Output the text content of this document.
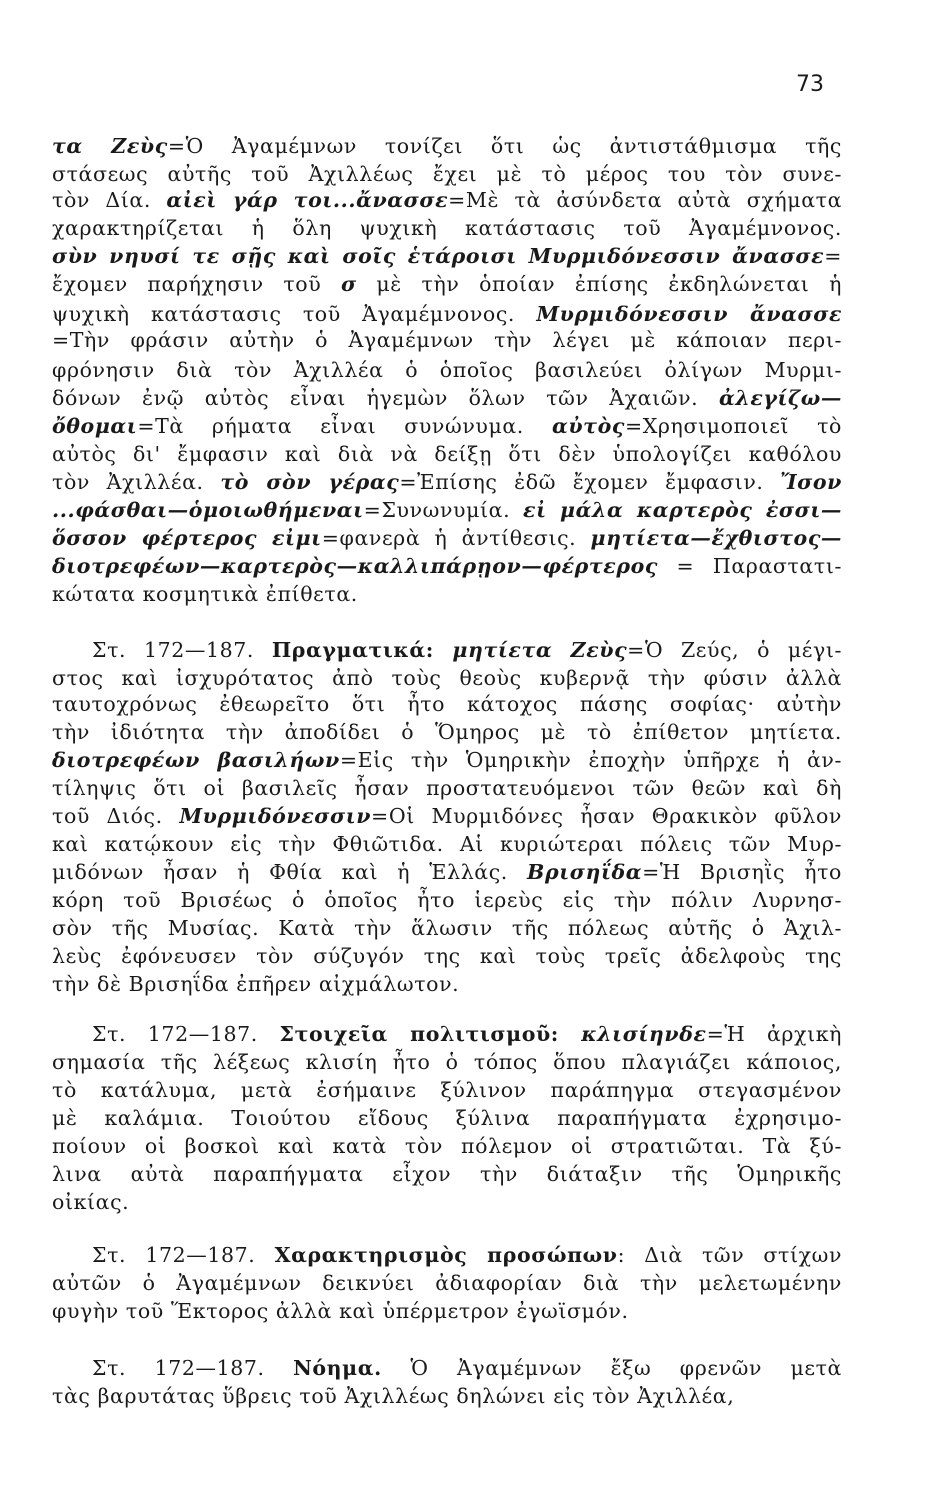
73
τα Ζεὺς=Ὁ Ἀγαμέμνων τονίζει ὅτι ὡς ἀντιστάθμισμα τῆς
στάσεως αὐτῆς τοῦ Ἀχιλλέως ἔχει μὲ τὸ μέρος του τὸν συνε-
τὸν Δία. αἰεὶ γάρ τοι...ἄνασσε=Μὲ τὰ ἀσύνδετα αὐτὰ σχήματα
χαρακτηρίζεται ἡ ὅλη ψυχικὴ κατάστασις τοῦ Ἀγαμέμνονος.
σὺν νηυσί τε σῇς καὶ σοῖς ἑτάροισι Μυρμιδόνεσσιν ἄνασσε=
ἔχομεν παρήχησιν τοῦ σ μὲ τὴν ὁποίαν ἐπίσης ἐκδηλώνεται ἡ
ψυχικὴ κατάστασις τοῦ Ἀγαμέμνονος. Μυρμιδόνεσσιν ἄνασσε
=Τὴν φράσιν αὐτὴν ὁ Ἀγαμέμνων τὴν λέγει μὲ κάποιαν περι-
φρόνησιν διὰ τὸν Ἀχιλλέα ὁ ὁποῖος βασιλεύει ὀλίγων Μυρμι-
δόνων ἐνῷ αὐτὸς εἶναι ἡγεμὼν ὅλων τῶν Ἀχαιῶν. ἀλεγίζω—
ὄθομαι=Τὰ ρήματα εἶναι συνώνυμα. αὐτὸς=Χρησιμοποιεῖ τὸ
αὐτὸς δι' ἔμφασιν καὶ διὰ νὰ δείξῃ ὅτι δὲν ὑπολογίζει καθόλου
τὸν Ἀχιλλέα. τὸ σὸν γέρας=Ἐπίσης ἐδῶ ἔχομεν ἔμφασιν. Ἴσον
...φάσθαι—ὁμοιωθήμεναι=Συνωνυμία. εἰ μάλα καρτερὸς ἐσσι—
ὅσσον φέρτερος εἰμι=φανερὰ ἡ ἀντίθεσις. μητίετα—ἔχθιστος—
διοτρεφέων—καρτερὸς—καλλιπάρῃον—φέρτερος = Παραστατι-
κώτατα κοσμητικὰ ἐπίθετα.
Στ. 172—187. Πραγματικά: μητίετα Ζεὺς=Ὁ Ζεύς, ὁ μέγι-
στος καὶ ἰσχυρότατος ἀπὸ τοὺς θεοὺς κυβερνᾷ τὴν φύσιν ἀλλὰ
ταυτοχρόνως ἐθεωρεῖτο ὅτι ἦτο κάτοχος πάσης σοφίας· αὐτὴν
τὴν ἰδιότητα τὴν ἀποδίδει ὁ Ὅμηρος μὲ τὸ ἐπίθετον μητίετα.
διοτρεφέων βασιλήων=Εἰς τὴν Ὁμηρικὴν ἐποχὴν ὑπῆρχε ἡ ἀν-
τίληψις ὅτι οἱ βασιλεῖς ἦσαν προστατευόμενοι τῶν θεῶν καὶ δὴ
τοῦ Διός. Μυρμιδόνεσσιν=Οἱ Μυρμιδόνες ἦσαν Θρακικὸν φῦλον
καὶ κατῴκουν εἰς τὴν Φθιῶτιδα. Αἱ κυριώτεραι πόλεις τῶν Μυρ-
μιδόνων ἦσαν ἡ Φθία καὶ ἡ Ἑλλάς. Βρισηΐδα=Ἡ Βρισηῒς ἦτο
κόρη τοῦ Βρισέως ὁ ὁποῖος ἦτο ἱερεὺς εἰς τὴν πόλιν Λυρνησ-
σὸν τῆς Μυσίας. Κατὰ τὴν ἅλωσιν τῆς πόλεως αὐτῆς ὁ Ἀχιλ-
λεὺς ἐφόνευσεν τὸν σύζυγόν της καὶ τοὺς τρεῖς ἀδελφοὺς της
τὴν δὲ Βρισηΐδα ἐπῆρεν αἰχμάλωτον.
Στ. 172—187. Στοιχεῖα πολιτισμοῦ: κλισίηνδε=Ἡ ἀρχικὴ
σημασία τῆς λέξεως κλισίη ἦτο ὁ τόπος ὅπου πλαγιάζει κάποιος,
τὸ κατάλυμα, μετὰ ἐσήμαινε ξύλινον παράπηγμα στεγασμένον
μὲ καλάμια. Τοιούτου εἴδους ξύλινα παραπήγματα ἐχρησιμο-
ποίουν οἱ βοσκοὶ καὶ κατὰ τὸν πόλεμον οἱ στρατιῶται. Τὰ ξύ-
λινα αὐτὰ παραπήγματα εἶχον τὴν διάταξιν τῆς Ὁμηρικῆς
οἰκίας.
Στ. 172—187. Χαρακτηρισμὸς προσώπων: Διὰ τῶν στίχων
αὐτῶν ὁ Ἀγαμέμνων δεικνύει ἀδιαφορίαν διὰ τὴν μελετωμένην
φυγὴν τοῦ Ἕκτορος ἀλλὰ καὶ ὑπέρμετρον ἐγωϊσμόν.
Στ. 172—187. Νόημα. Ὁ Ἀγαμέμνων ἔξω φρενῶν μετὰ
τὰς βαρυτάτας ὕβρεις τοῦ Ἀχιλλέως δηλώνει εἰς τὸν Ἀχιλλέα,
